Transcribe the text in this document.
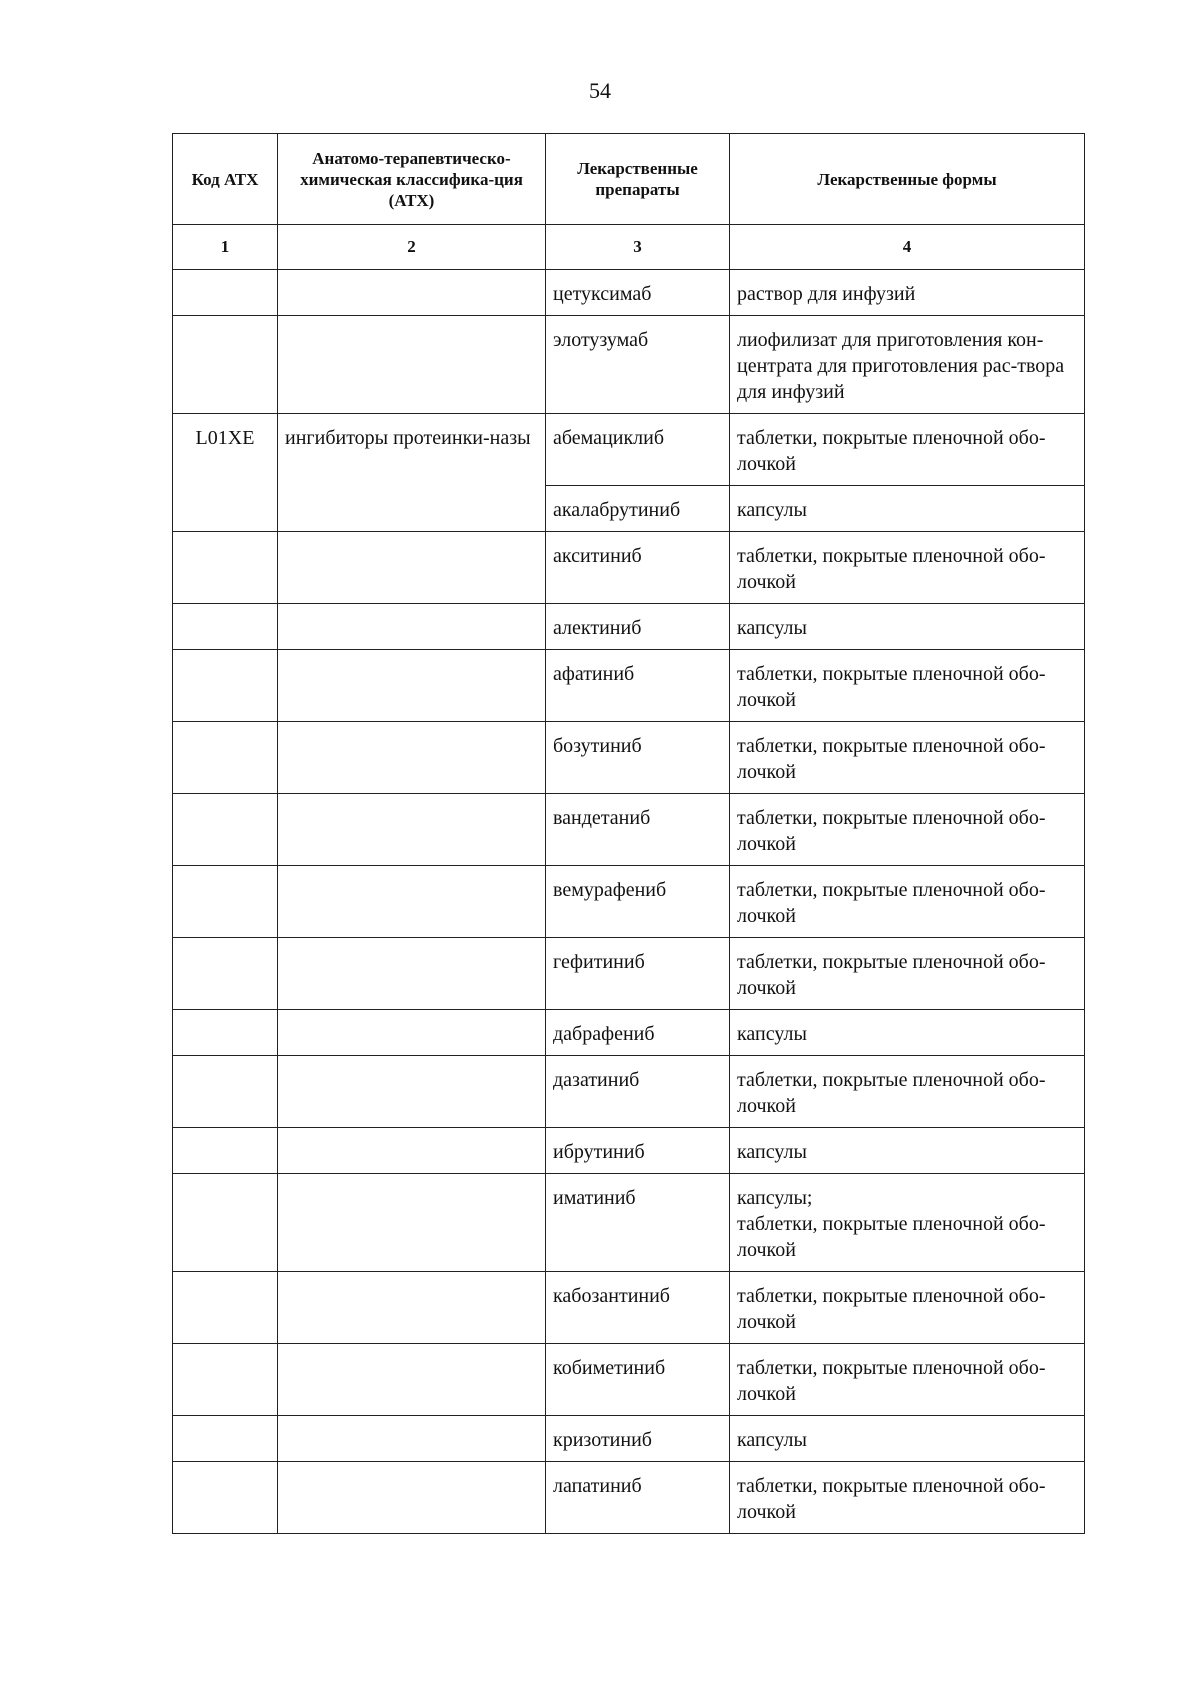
54
Код АТХ	Анатомо-терапевтическо-химическая классифика-ция (АТХ)	Лекарственные препараты	Лекарственные формы
1	2	3	4
		цетуксимаб	раствор для инфузий

		элотузумаб	лиофилизат для приготовления кон-центрата для приготовления рас-твора для инфузий

L01XE	ингибиторы протеинки-назы	абемациклиб	таблетки, покрытые пленочной обо-лочкой

		акалабрутиниб	капсулы

		акситиниб	таблетки, покрытые пленочной обо-лочкой

		алектиниб	капсулы

		афатиниб	таблетки, покрытые пленочной обо-лочкой

		бозутиниб	таблетки, покрытые пленочной обо-лочкой

		вандетаниб	таблетки, покрытые пленочной обо-лочкой

		вемурафениб	таблетки, покрытые пленочной обо-лочкой

		гефитиниб	таблетки, покрытые пленочной обо-лочкой

		дабрафениб	капсулы

		дазатиниб	таблетки, покрытые пленочной обо-лочкой

		ибрутиниб	капсулы

		иматиниб	капсулы;
таблетки, покрытые пленочной обо-лочкой

		кабозантиниб	таблетки, покрытые пленочной обо-лочкой

		кобиметиниб	таблетки, покрытые пленочной обо-лочкой

		кризотиниб	капсулы

		лапатиниб	таблетки, покрытые пленочной обо-лочкой
